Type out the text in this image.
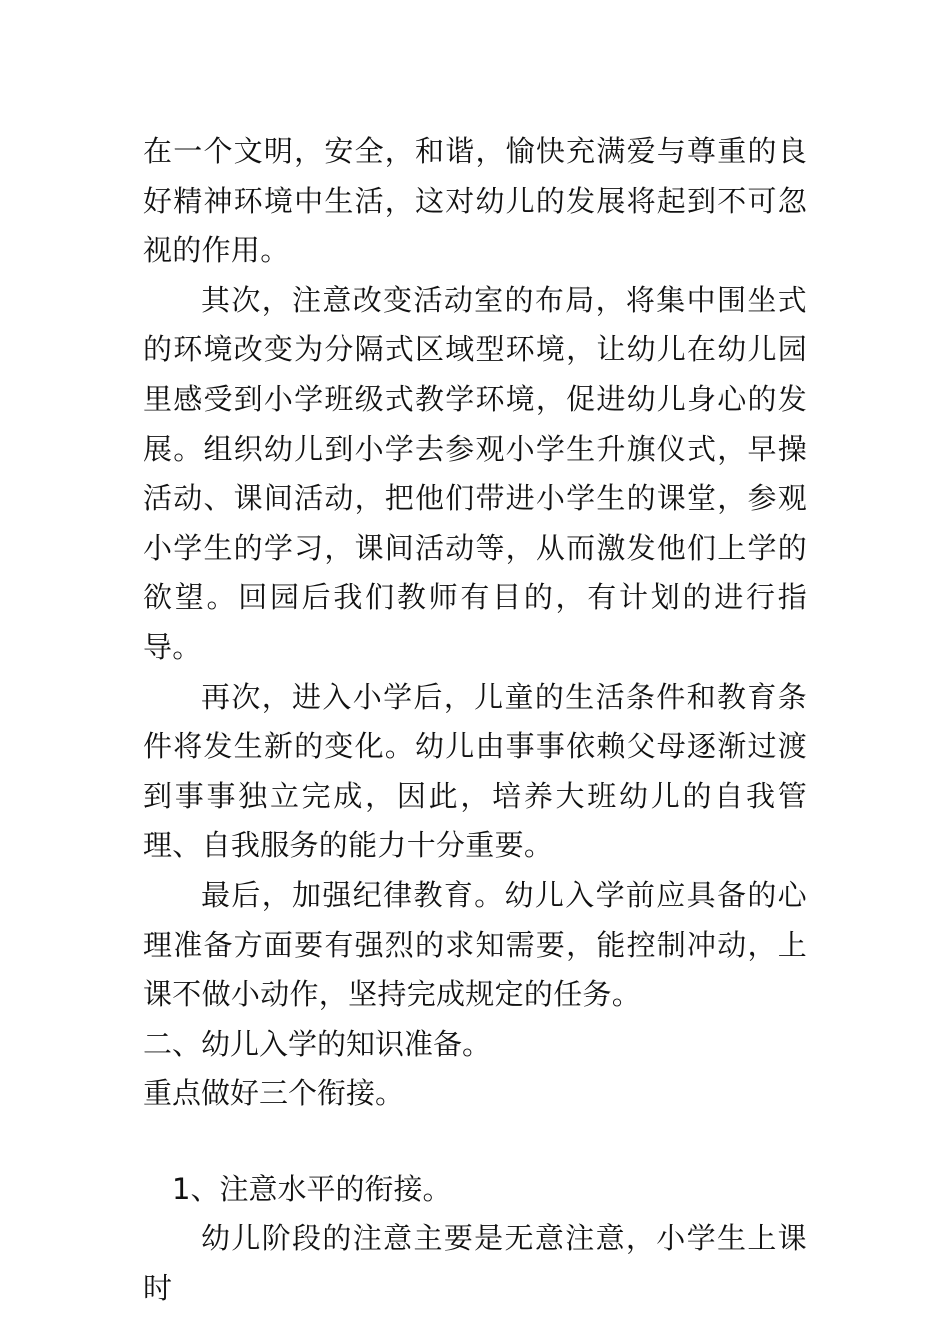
在一个文明，安全，和谐，愉快充满爱与尊重的良好精神环境中生活，这对幼儿的发展将起到不可忽视的作用。

其次，注意改变活动室的布局，将集中围坐式的环境改变为分隔式区域型环境，让幼儿在幼儿园里感受到小学班级式教学环境，促进幼儿身心的发展。组织幼儿到小学去参观小学生升旗仪式，早操活动、课间活动，把他们带进小学生的课堂，参观小学生的学习，课间活动等，从而激发他们上学的欲望。回园后我们教师有目的，有计划的进行指导。

再次，进入小学后，儿童的生活条件和教育条件将发生新的变化。幼儿由事事依赖父母逐渐过渡到事事独立完成，因此，培养大班幼儿的自我管理、自我服务的能力十分重要。

最后，加强纪律教育。幼儿入学前应具备的心理准备方面要有强烈的求知需要，能控制冲动，上课不做小动作，坚持完成规定的任务。

二、幼儿入学的知识准备。

重点做好三个衔接。

1、注意水平的衔接。

幼儿阶段的注意主要是无意注意，小学生上课时
